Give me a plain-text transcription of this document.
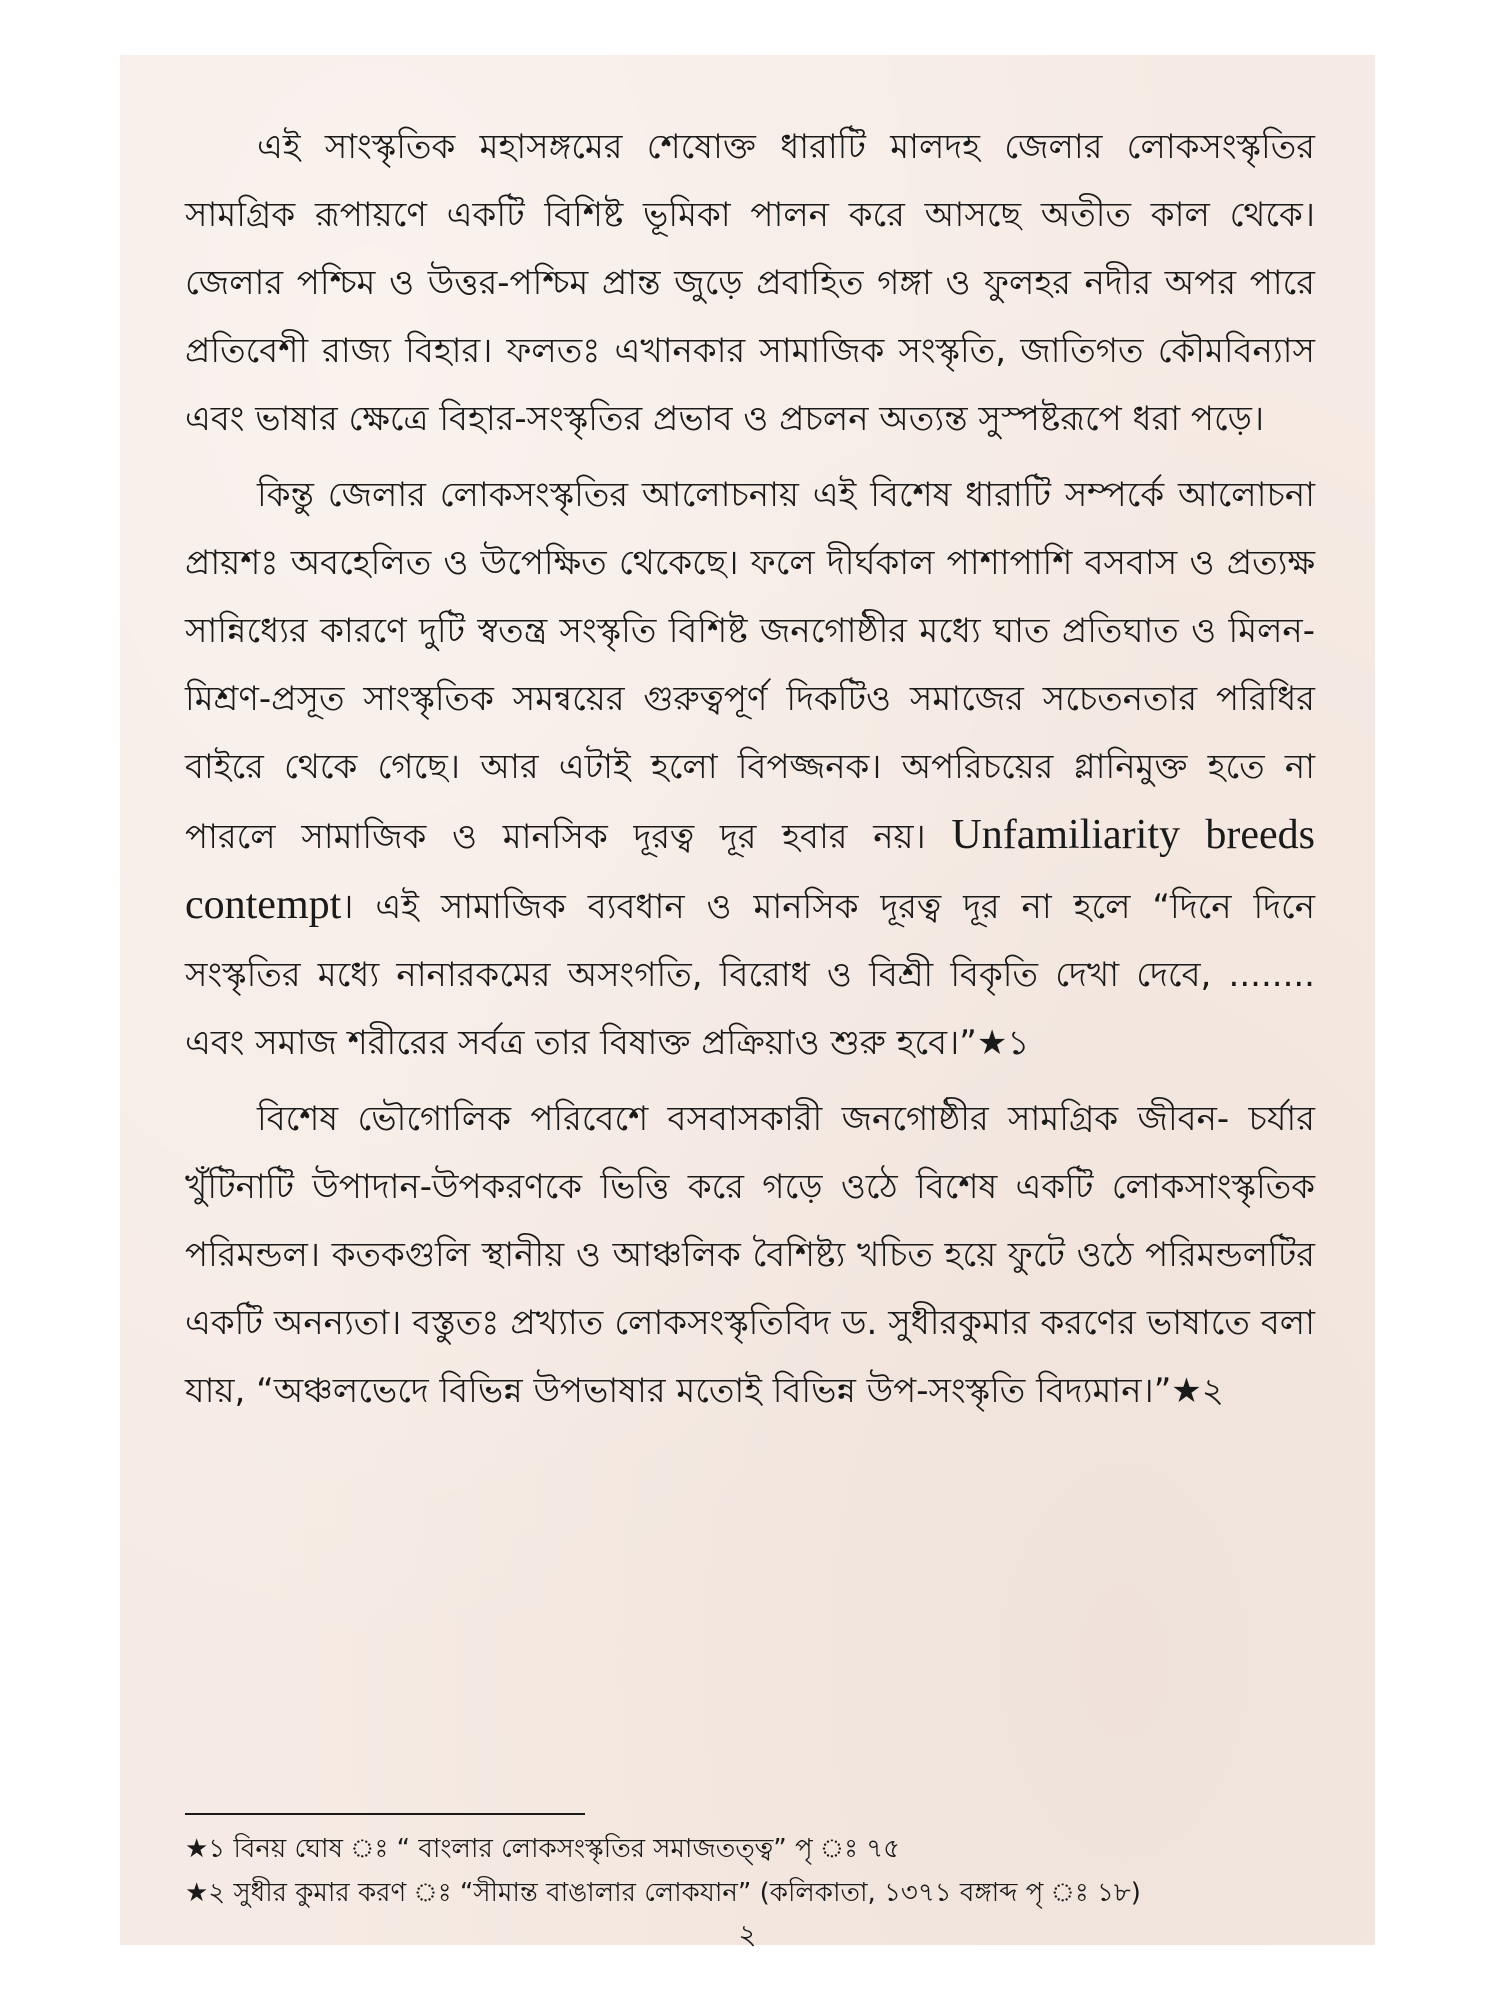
এই সাংস্কৃতিক মহাসঙ্গমের শেষোক্ত ধারাটি মালদহ জেলার লোকসংস্কৃতির সামগ্রিক রূপায়ণে একটি বিশিষ্ট ভূমিকা পালন করে আসছে অতীত কাল থেকে। জেলার পশ্চিম ও উত্তর-পশ্চিম প্রান্ত জুড়ে প্রবাহিত গঙ্গা ও ফুলহর নদীর অপর পারে প্রতিবেশী রাজ্য বিহার। ফলতঃ এখানকার সামাজিক সংস্কৃতি, জাতিগত কৌমবিন্যাস এবং ভাষার ক্ষেত্রে বিহার-সংস্কৃতির প্রভাব ও প্রচলন অত্যন্ত সুস্পষ্টরূপে ধরা পড়ে।

কিন্তু জেলার লোকসংস্কৃতির আলোচনায় এই বিশেষ ধারাটি সম্পর্কে আলোচনা প্রায়শঃ অবহেলিত ও উপেক্ষিত থেকেছে। ফলে দীর্ঘকাল পাশাপাশি বসবাস ও প্রত্যক্ষ সান্নিধ্যের কারণে দুটি স্বতন্ত্র সংস্কৃতি বিশিষ্ট জনগোষ্ঠীর মধ্যে ঘাত প্রতিঘাত ও মিলন-মিশ্রণ-প্রসূত সাংস্কৃতিক সমন্বয়ের গুরুত্বপূর্ণ দিকটিও সমাজের সচেতনতার পরিধির বাইরে থেকে গেছে। আর এটাই হলো বিপজ্জনক। অপরিচয়ের গ্লানিমুক্ত হতে না পারলে সামাজিক ও মানসিক দূরত্ব দূর হবার নয়। Unfamiliarity breeds contempt। এই সামাজিক ব্যবধান ও মানসিক দূরত্ব দূর না হলে “দিনে দিনে সংস্কৃতির মধ্যে নানারকমের অসংগতি, বিরোধ ও বিশ্রী বিকৃতি দেখা দেবে, ........ এবং সমাজ শরীরের সর্বত্র তার বিষাক্ত প্রক্রিয়াও শুরু হবে।”★১

বিশেষ ভৌগোলিক পরিবেশে বসবাসকারী জনগোষ্ঠীর সামগ্রিক জীবন- চর্যার খুঁটিনাটি উপাদান-উপকরণকে ভিত্তি করে গড়ে ওঠে বিশেষ একটি লোকসাংস্কৃতিক পরিমন্ডল। কতকগুলি স্থানীয় ও আঞ্চলিক বৈশিষ্ট্য খচিত হয়ে ফুটে ওঠে পরিমন্ডলটির একটি অনন্যতা। বস্তুতঃ প্রখ্যাত লোকসংস্কৃতিবিদ ড. সুধীরকুমার করণের ভাষাতে বলা যায়, “অঞ্চলভেদে বিভিন্ন উপভাষার মতোই বিভিন্ন উপ-সংস্কৃতি বিদ্যমান।”★২

★১ বিনয় ঘোষ ঃ “ বাংলার লোকসংস্কৃতির সমাজতত্ত্ব” পৃ ঃ ৭৫
★২ সুধীর কুমার করণ ঃ “সীমান্ত বাঙালার লোকযান” (কলিকাতা, ১৩৭১ বঙ্গাব্দ পৃ ঃ ১৮)
২
